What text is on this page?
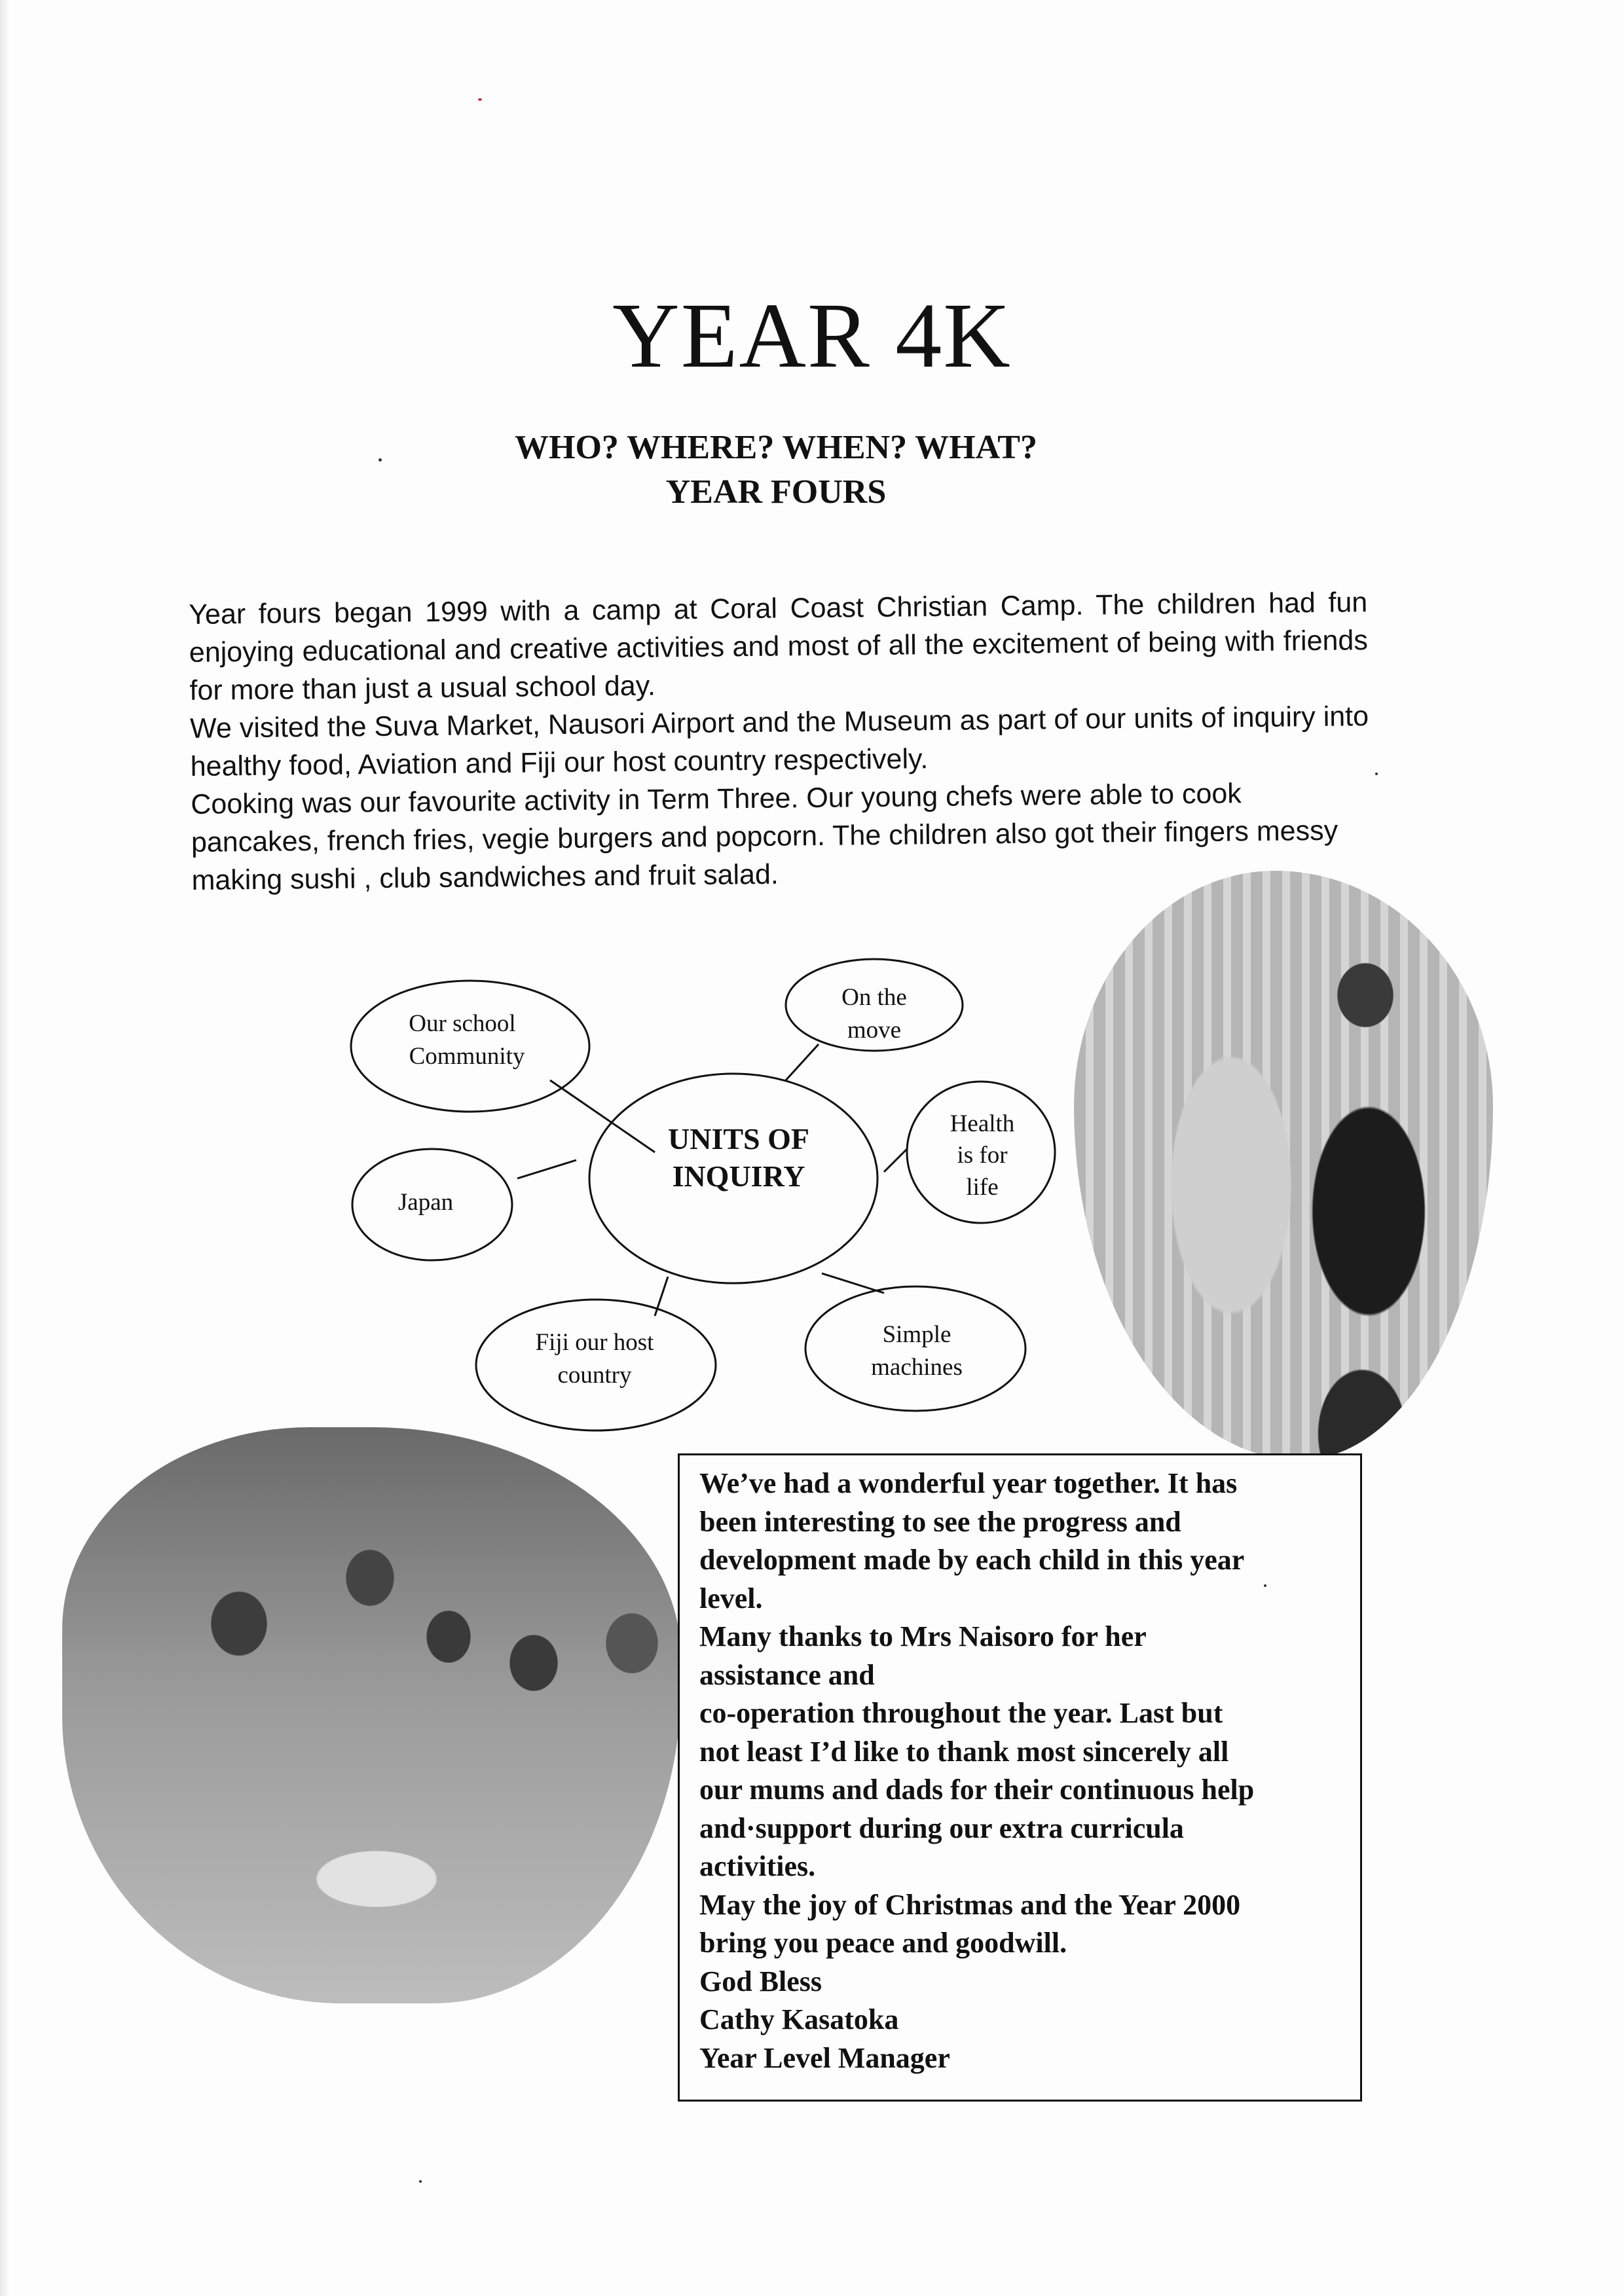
YEAR 4K
WHO? WHERE? WHEN? WHAT?
YEAR FOURS

Year fours began 1999 with a camp at Coral Coast Christian Camp. The children had fun enjoying educational and creative activities and most of all the excitement of being with friends for more than just a usual school day.

We visited the Suva Market, Nausori Airport and the Museum as part of our units of inquiry into healthy food, Aviation and Fiji our host country respectively.

Cooking was our favourite activity in Term Three. Our young chefs were able to cook pancakes, french fries, vegie burgers and popcorn. The children also got their fingers messy making sushi , club sandwiches and fruit salad.

UNITS OF
INQUIRY
Our school
Community
On the
move
Health
is for
life
Japan
Fiji our host
country
Simple
machines
We’ve had a wonderful year together. It has
been interesting to see the progress and
development made by each child in this year
level.
Many thanks to Mrs Naisoro for her
assistance and
co-operation throughout the year. Last but
not least I’d like to thank most sincerely all
our mums and dads for their continuous help
and·support during our extra curricula
activities.
May the joy of Christmas and the Year 2000
bring you peace and goodwill.
God Bless
Cathy Kasatoka
Year Level Manager
